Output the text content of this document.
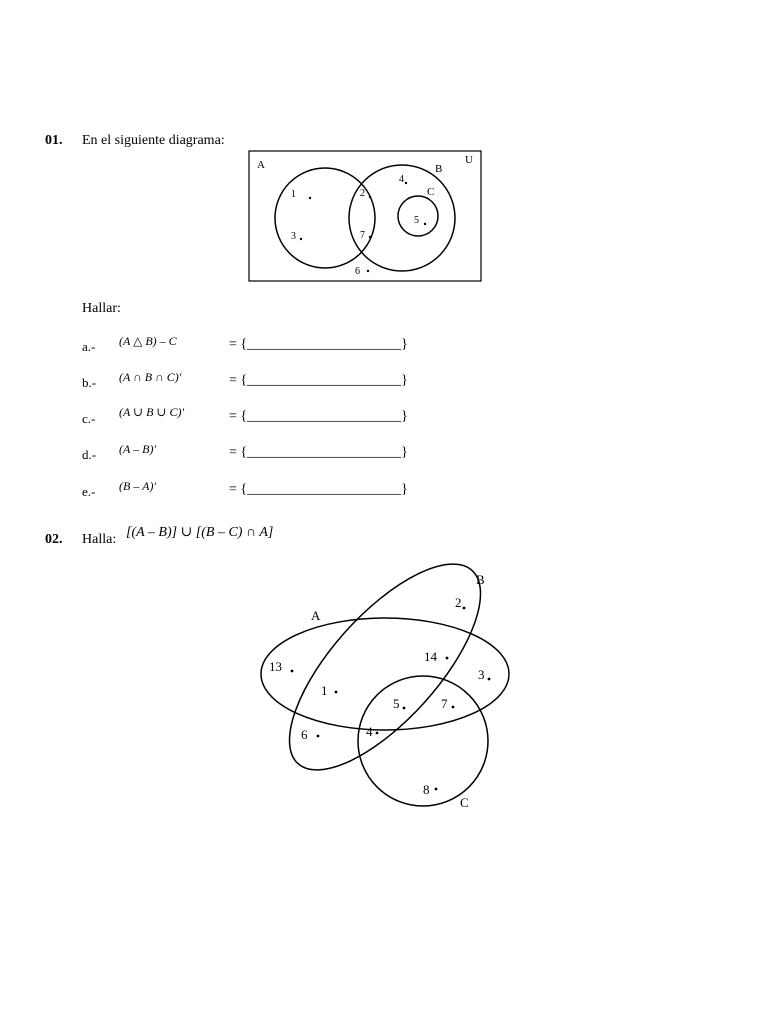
01. En el siguiente diagrama:
U
A	B
C
1
3
2
7
4
5
6
Hallar:
a.- (A △ B) – C	= {______________________}
b.- (A ∩ B ∩ C)'	= {______________________}
c.- (A ∪ B ∪ C)'	= {______________________}
d.- (A – B)'	= {______________________}
e.- (B – A)'	= {______________________}
02. Halla: [(A – B)] ∪ [(B – C) ∩ A]
A
B
C
2
14
3
13
1
5	7
6	4
8
